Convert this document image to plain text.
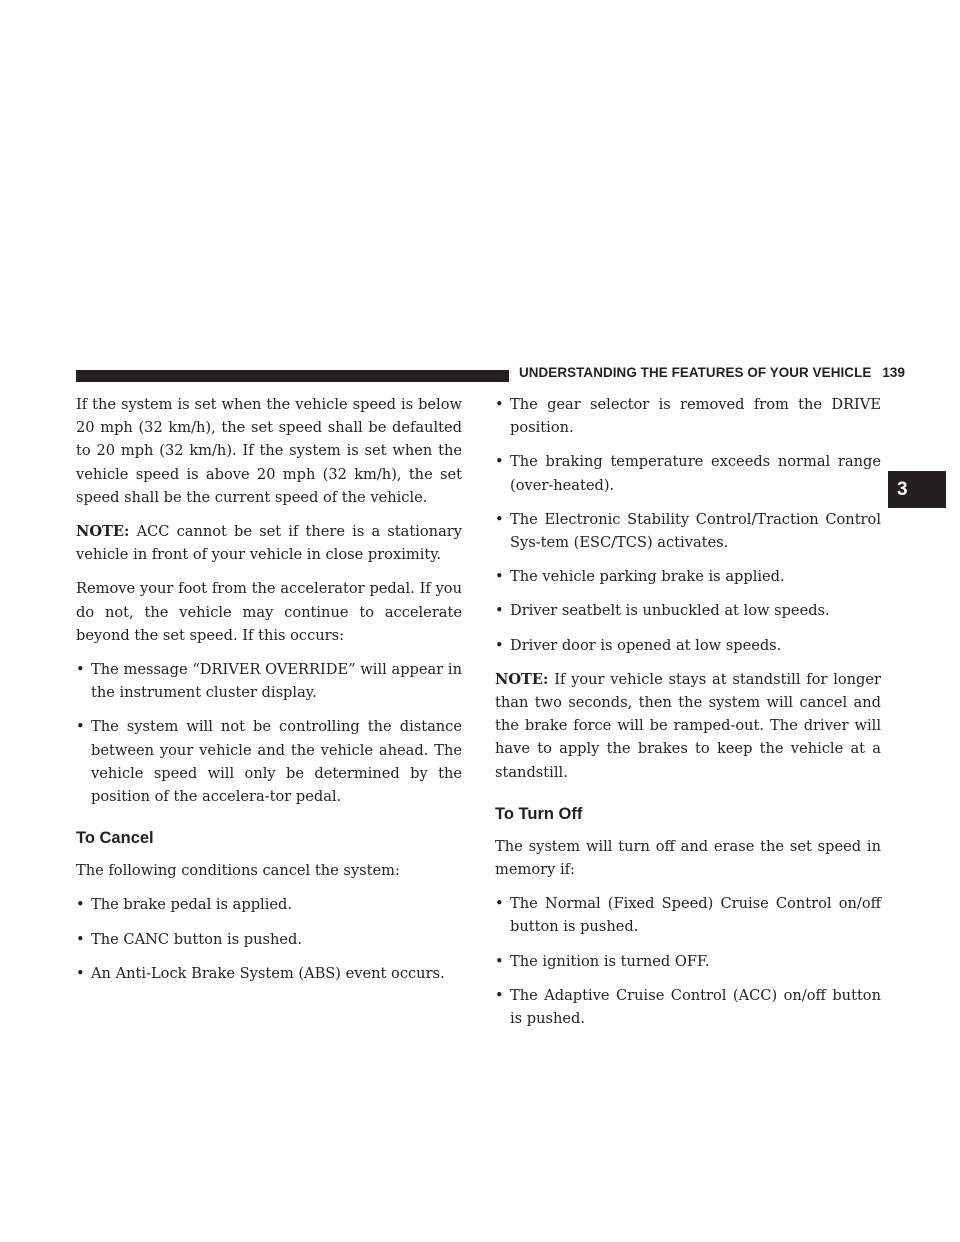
UNDERSTANDING THE FEATURES OF YOUR VEHICLE 139
3

If the system is set when the vehicle speed is below 20 mph (32 km/h), the set speed shall be defaulted to 20 mph (32 km/h). If the system is set when the vehicle speed is above 20 mph (32 km/h), the set speed shall be the current speed of the vehicle.

NOTE: ACC cannot be set if there is a stationary vehicle in front of your vehicle in close proximity.

Remove your foot from the accelerator pedal. If you do not, the vehicle may continue to accelerate beyond the set speed. If this occurs:

• The message “DRIVER OVERRIDE” will appear in the instrument cluster display.
• The system will not be controlling the distance between your vehicle and the vehicle ahead. The vehicle speed will only be determined by the position of the accelera-tor pedal.
To Cancel

The following conditions cancel the system:

• The brake pedal is applied.
• The CANC button is pushed.
• An Anti-Lock Brake System (ABS) event occurs.
• The gear selector is removed from the DRIVE position.
• The braking temperature exceeds normal range (over-heated).
• The Electronic Stability Control/Traction Control Sys-tem (ESC/TCS) activates.
• The vehicle parking brake is applied.
• Driver seatbelt is unbuckled at low speeds.
• Driver door is opened at low speeds.

NOTE: If your vehicle stays at standstill for longer than two seconds, then the system will cancel and the brake force will be ramped-out. The driver will have to apply the brakes to keep the vehicle at a standstill.

To Turn Off

The system will turn off and erase the set speed in memory if:

• The Normal (Fixed Speed) Cruise Control on/off button is pushed.
• The ignition is turned OFF.
• The Adaptive Cruise Control (ACC) on/off button is pushed.
